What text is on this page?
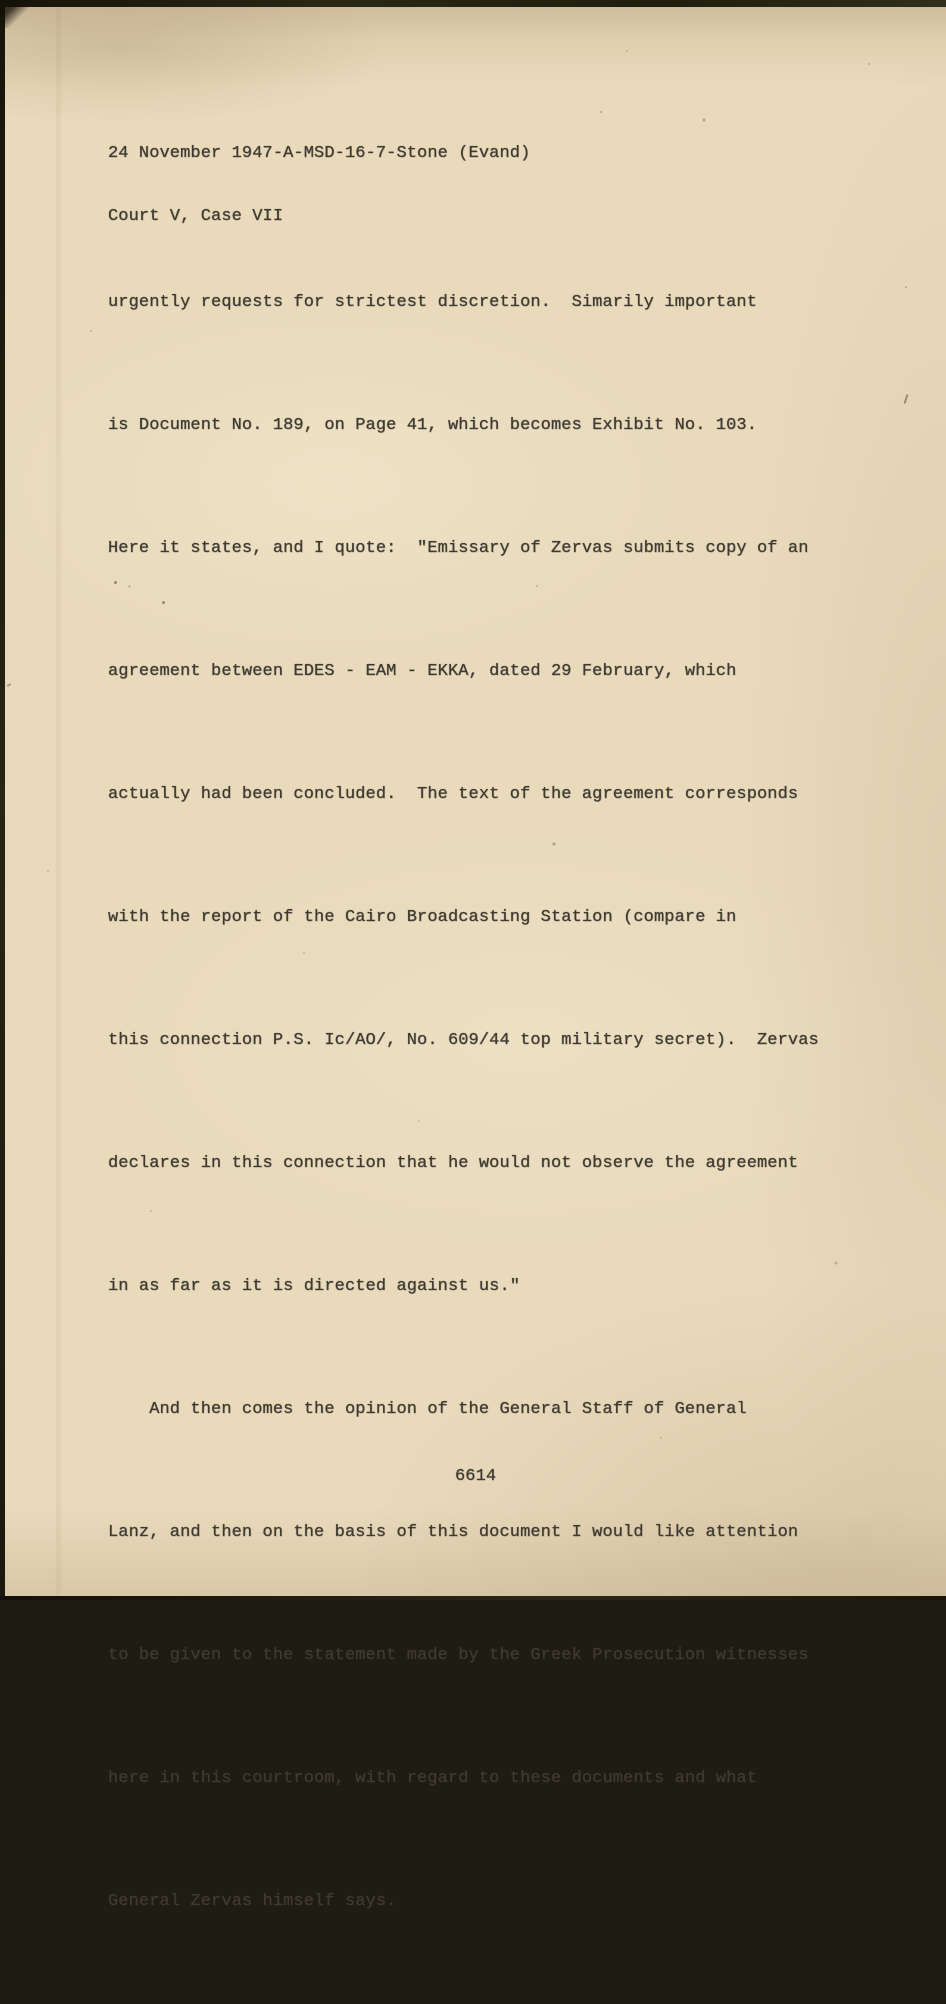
24 November 1947-A-MSD-16-7-Stone (Evand)

Court V, Case VII

urgently requests for strictest discretion.  Simarily important

is Document No. 189, on Page 41, which becomes Exhibit No. 103.

Here it states, and I quote:  "Emissary of Zervas submits copy of an

agreement between EDES - EAM - EKKA, dated 29 February, which

actually had been concluded.  The text of the agreement corresponds

with the report of the Cairo Broadcasting Station (compare in

this connection P.S. Ic/AO/, No. 609/44 top military secret).  Zervas

declares in this connection that he would not observe the agreement

in as far as it is directed against us."

And then comes the opinion of the General Staff of General

Lanz, and then on the basis of this document I would like attention

to be given to the statement made by the Greek Prosecution witnesses

here in this courtroom, with regard to these documents and what

General Zervas himself says.

6614
